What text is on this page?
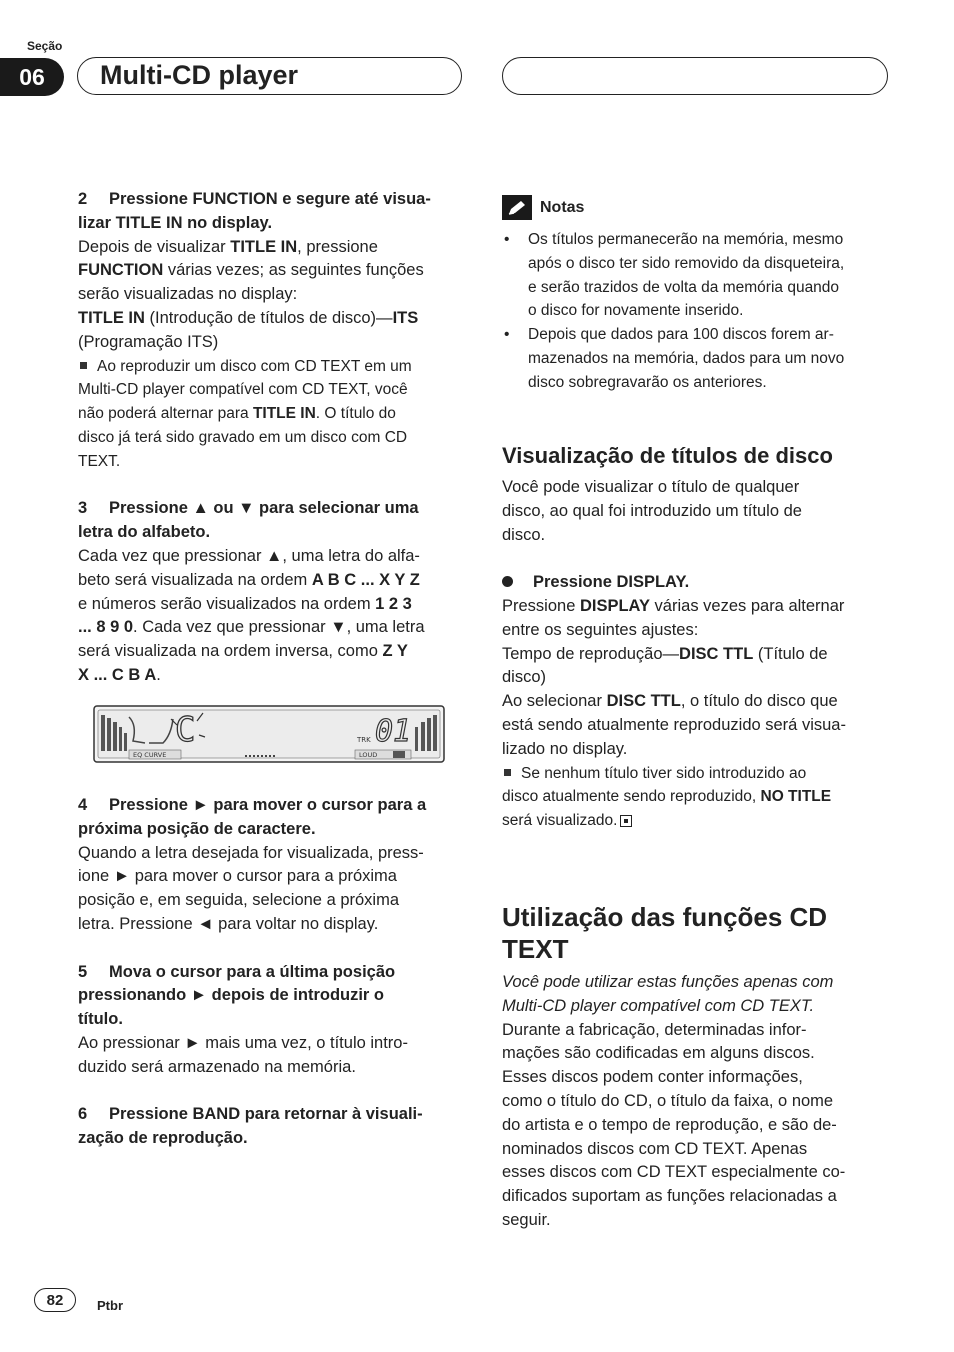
Seção
06	Multi-CD player

2 Pressione FUNCTION e segure até visua-

lizar TITLE IN no display.

Depois de visualizar TITLE IN, pressione

FUNCTION várias vezes; as seguintes funções

serão visualizadas no display:

TITLE IN (Introdução de títulos de disco)—ITS

(Programação ITS)

Ao reproduzir um disco com CD TEXT em um

Multi-CD player compatível com CD TEXT, você

não poderá alternar para TITLE IN. O título do

disco já terá sido gravado em um disco com CD

TEXT.

3 Pressione ▲ ou ▼ para selecionar uma

letra do alfabeto.

Cada vez que pressionar ▲, uma letra do alfa-

beto será visualizada na ordem A B C ... X Y Z

e números serão visualizados na ordem 1 2 3

... 8 9 0. Cada vez que pressionar ▼, uma letra

será visualizada na ordem inversa, como Z Y

X ... C B A.

C	TRK 01
EQ CURVE	LOUD

4 Pressione ► para mover o cursor para a

próxima posição de caractere.

Quando a letra desejada for visualizada, press-

ione ► para mover o cursor para a próxima

posição e, em seguida, selecione a próxima

letra. Pressione ◄ para voltar no display.

5 Mova o cursor para a última posição

pressionando ► depois de introduzir o

título.

Ao pressionar ► mais uma vez, o título intro-

duzido será armazenado na memória.

6 Pressione BAND para retornar à visuali-

zação de reprodução.

Notas

• Os títulos permanecerão na memória, mesmo

após o disco ter sido removido da disqueteira,

e serão trazidos de volta da memória quando

o disco for novamente inserido.

• Depois que dados para 100 discos forem ar-

mazenados na memória, dados para um novo

disco sobregravarão os anteriores.

Visualização de títulos de disco

Você pode visualizar o título de qualquer

disco, ao qual foi introduzido um título de

disco.

Pressione DISPLAY.

Pressione DISPLAY várias vezes para alternar

entre os seguintes ajustes:

Tempo de reprodução—DISC TTL (Título de

disco)

Ao selecionar DISC TTL, o título do disco que

está sendo atualmente reproduzido será visua-

lizado no display.

Se nenhum título tiver sido introduzido ao

disco atualmente sendo reproduzido, NO TITLE

será visualizado.

Utilização das funções CD TEXT

Você pode utilizar estas funções apenas com

Multi-CD player compatível com CD TEXT.

Durante a fabricação, determinadas infor-

mações são codificadas em alguns discos.

Esses discos podem conter informações,

como o título do CD, o título da faixa, o nome

do artista e o tempo de reprodução, e são de-

nominados discos com CD TEXT. Apenas

esses discos com CD TEXT especialmente co-

dificados suportam as funções relacionadas a

seguir.

82	Ptbr
